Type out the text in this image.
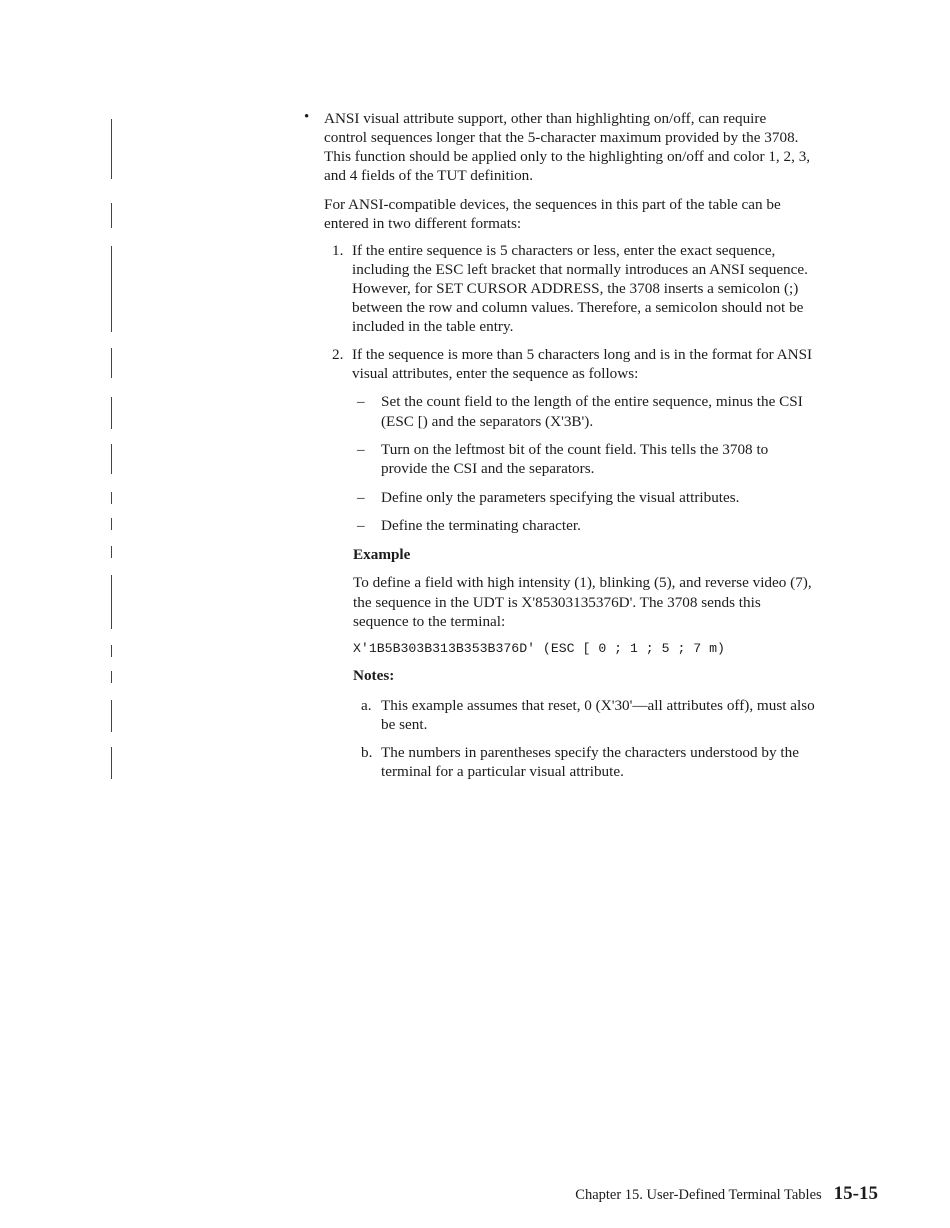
• ANSI visual attribute support, other than highlighting on/off, can require

control sequences longer that the 5-character maximum provided by the 3708.

This function should be applied only to the highlighting on/off and color 1, 2, 3,

and 4 fields of the TUT definition.

For ANSI-compatible devices, the sequences in this part of the table can be

entered in two different formats:

1. If the entire sequence is 5 characters or less, enter the exact sequence,

including the ESC left bracket that normally introduces an ANSI sequence.

However, for SET CURSOR ADDRESS, the 3708 inserts a semicolon (;)

between the row and column values. Therefore, a semicolon should not be

included in the table entry.

2. If the sequence is more than 5 characters long and is in the format for ANSI

visual attributes, enter the sequence as follows:

– Set the count field to the length of the entire sequence, minus the CSI

(ESC [) and the separators (X'3B').

– Turn on the leftmost bit of the count field. This tells the 3708 to

provide the CSI and the separators.

– Define only the parameters specifying the visual attributes.

– Define the terminating character.

Example

To define a field with high intensity (1), blinking (5), and reverse video (7),

the sequence in the UDT is X'85303135376D'. The 3708 sends this

sequence to the terminal:

X'1B5B303B313B353B376D' (ESC [ 0 ; 1 ; 5 ; 7 m)

Notes:

a. This example assumes that reset, 0 (X'30'—all attributes off), must also

be sent.

b. The numbers in parentheses specify the characters understood by the

terminal for a particular visual attribute.

Chapter 15. User-Defined Terminal Tables 15-15
